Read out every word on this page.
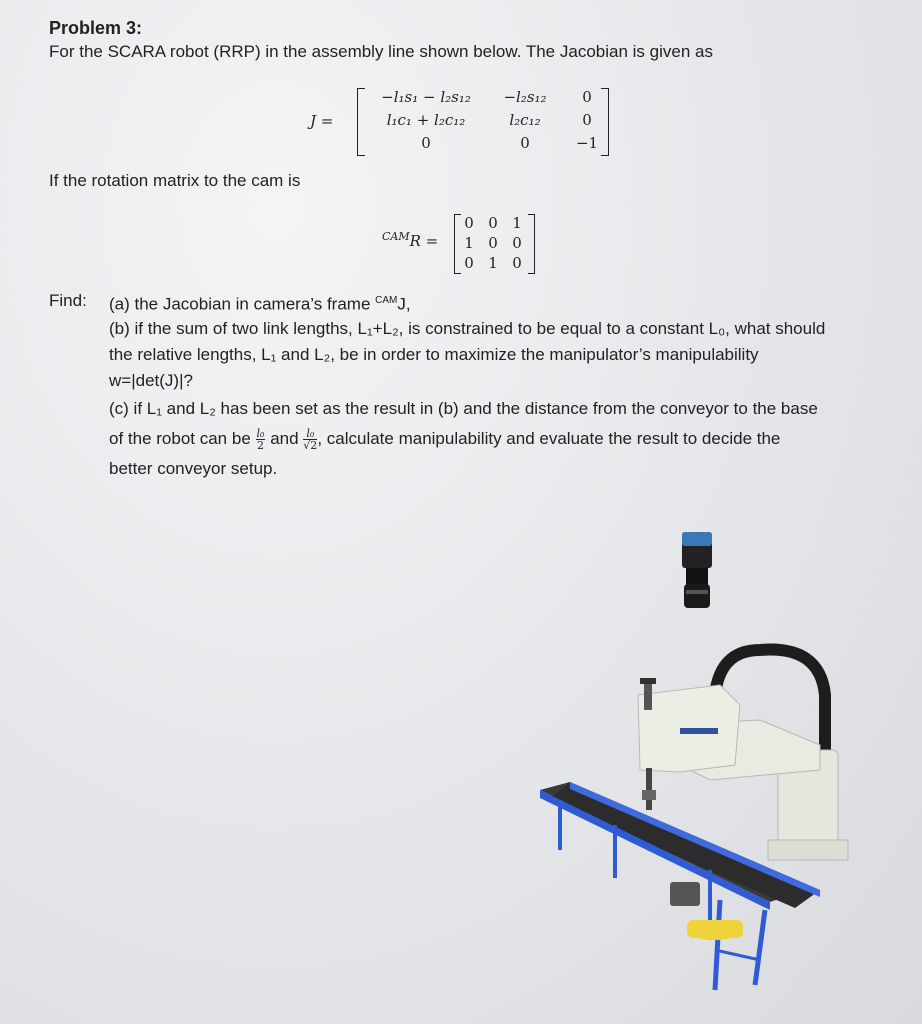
Problem 3:
For the SCARA robot (RRP) in the assembly line shown below. The Jacobian is given as
J =
−l₁s₁ − l₂s₁₂	−l₂s₁₂	0
l₁c₁ + l₂c₁₂	l₂c₁₂	0
0	0	−1
If the rotation matrix to the cam is
$^{CAM}$R =
0 0 1
1 0 0
0 1 0
Find: (a) the Jacobian in camera’s frame $^{CAM}$J,
(b) if the sum of two link lengths, L₁+L₂, is constrained to be equal to a constant L₀, what should
the relative lengths, L₁ and L₂, be in order to maximize the manipulator’s manipulability
w=|det(J)|?
(c) if L₁ and L₂ has been set as the result in (b) and the distance from the conveyor to the base
of the robot can be $\frac{\text{l₀}}{2}$ and $\frac{\text{l₀}}{√2}$ , calculate manipulability and evaluate the result to decide the
better conveyor setup.
